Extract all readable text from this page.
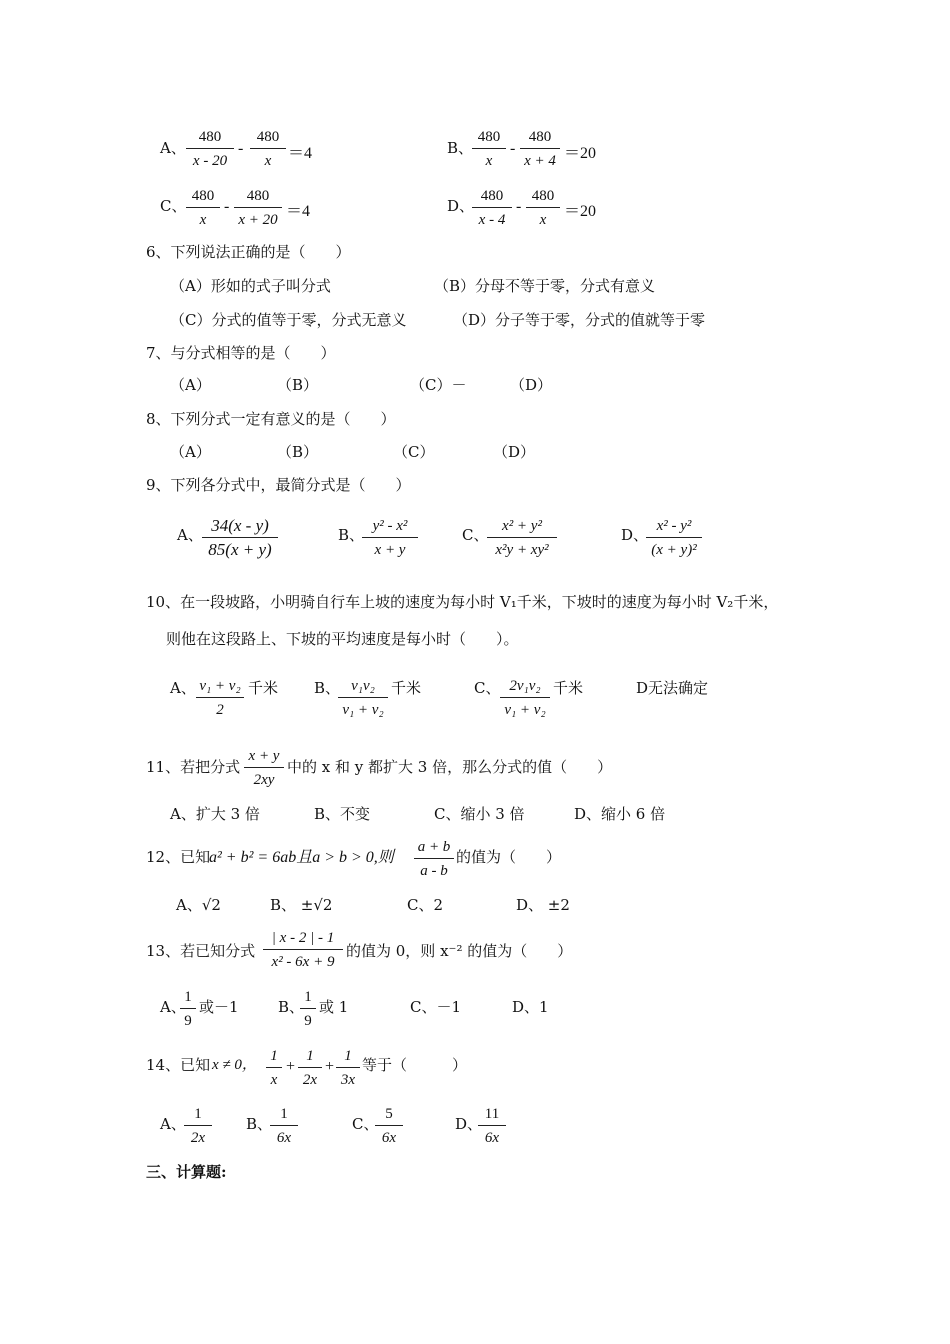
A、
480
x - 20
-
480
x	＝4	B、
480
x
-
480
x + 4 ＝20
C、
480
x
-
480
x + 20 ＝4	D、
480
x - 4
-
480
x	＝20
6、下列说法正确的是（　　）
（A）形如的式子叫分式	（B）分母不等于零，分式有意义
（C）分式的值等于零，分式无意义	（D）分子等于零，分式的值就等于零
7、与分式相等的是（　　）
（A）	（B）	（C）－	（D）
8、下列分式一定有意义的是（　　）
（A）	（B）	（C）	（D）
9、下列各分式中，最简分式是（　　）
A、 34(x - y)
85(x + y)
B、 y² - x²
x + y
C、 x² + y²
x²y + xy²
D、 x² - y²
(x + y)²
10、在一段坡路，小明骑自行车上坡的速度为每小时 V₁千米，下坡时的速度为每小时 V₂千米，
则他在这段路上、下坡的平均速度是每小时（　　）。
A、 v₁ + v₂
2
千米 B、 v₁v₂
v₁ + v₂
千米	C、 2v₁v₂
v₁ + v₂
千米	D无法确定
11、若把分式
x + y
2xy
中的 x 和 y 都扩大 3 倍，那么分式的值（　　）
A、扩大 3 倍	B、不变	C、缩小 3 倍	D、缩小 6 倍
12、已知
a² + b² = 6ab且a > b > 0,则
a + b
a - b
的值为（　　）
A、√2	B、 ±√2	C、2	D、 ±2
13、若已知分式
| x - 2 | - 1
x² - 6x + 9
的值为 0，则 x⁻² 的值为（　　）
A、
1
9
或－1	B、
1
9
或 1	C、－1	D、1
14、已知 x ≠ 0，
1
x
+
1
2x
+
1
3x
等于（　　　）
A、
1
2x
B、
1
6x
C、
5
6x
D、
11
6x
三、计算题:
